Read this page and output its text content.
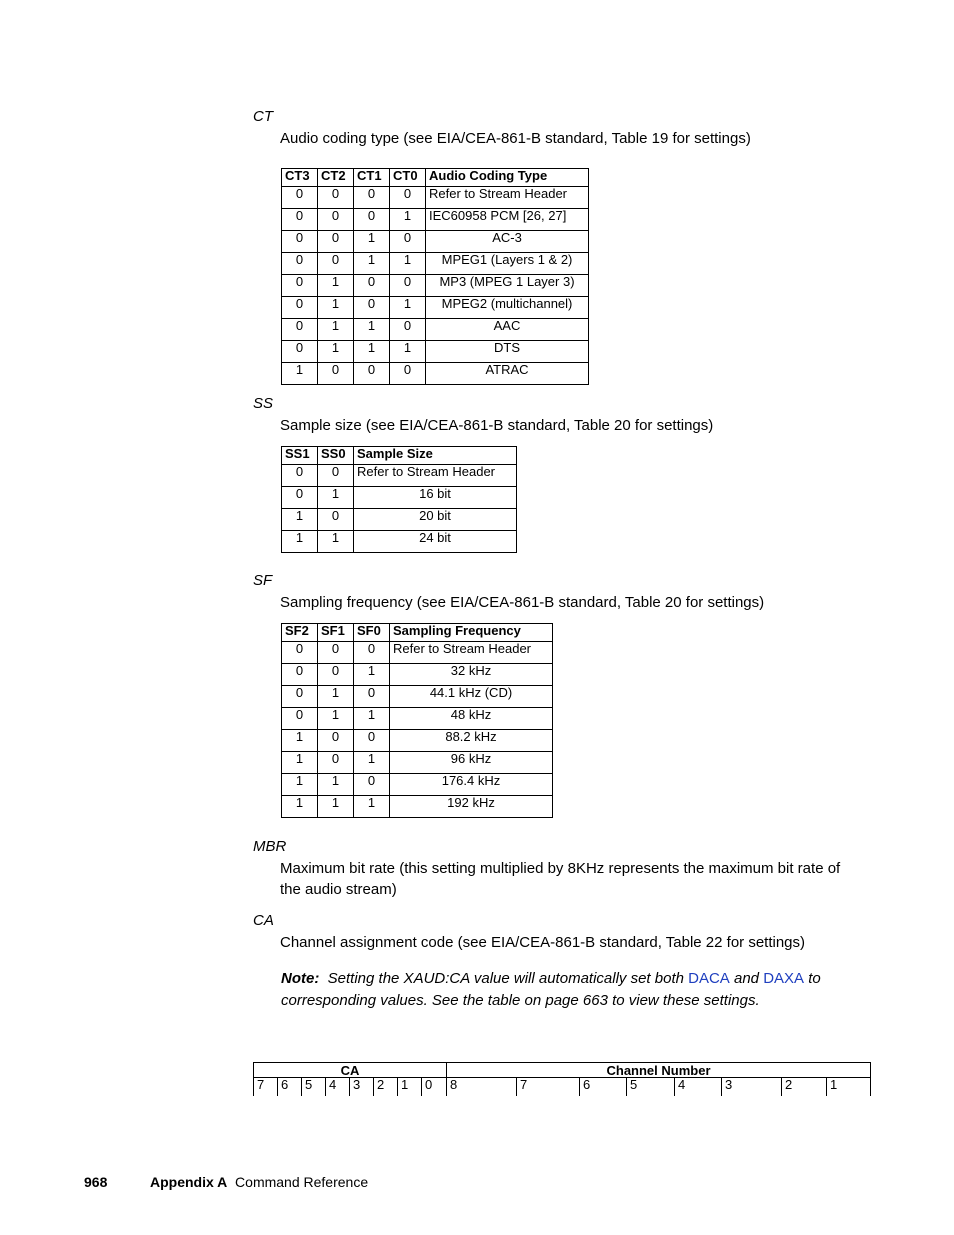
CT
Audio coding type (see EIA/CEA-861-B standard, Table 19 for settings)
CT3	CT2	CT1	CT0	Audio Coding Type
0	0	0	0	Refer to Stream Header
0	0	0	1	IEC60958 PCM [26, 27]
0	0	1	0	AC-3
0	0	1	1	MPEG1 (Layers 1 & 2)
0	1	0	0	MP3 (MPEG 1 Layer 3)
0	1	0	1	MPEG2 (multichannel)
0	1	1	0	AAC
0	1	1	1	DTS
1	0	0	0	ATRAC
SS
Sample size (see EIA/CEA-861-B standard, Table 20 for settings)
SS1	SS0	Sample Size
0	0	Refer to Stream Header
0	1	16 bit
1	0	20 bit
1	1	24 bit
SF
Sampling frequency (see EIA/CEA-861-B standard, Table 20 for settings)
SF2	SF1	SF0	Sampling Frequency
0	0	0	Refer to Stream Header
0	0	1	32 kHz
0	1	0	44.1 kHz (CD)
0	1	1	48 kHz
1	0	0	88.2 kHz
1	0	1	96 kHz
1	1	0	176.4 kHz
1	1	1	192 kHz
MBR
Maximum bit rate (this setting multiplied by 8KHz represents the maximum bit rate of
the audio stream)
CA
Channel assignment code (see EIA/CEA-861-B standard, Table 22 for settings)
Note: Setting the XAUD:CA value will automatically set both DACA and DAXA to
corresponding values. See the table on page 663 to view these settings.
CA								Channel Number							
7	6	5	4	3	2	1	0	8	7	6	5	4	3	2	1
968	Appendix A Command Reference
